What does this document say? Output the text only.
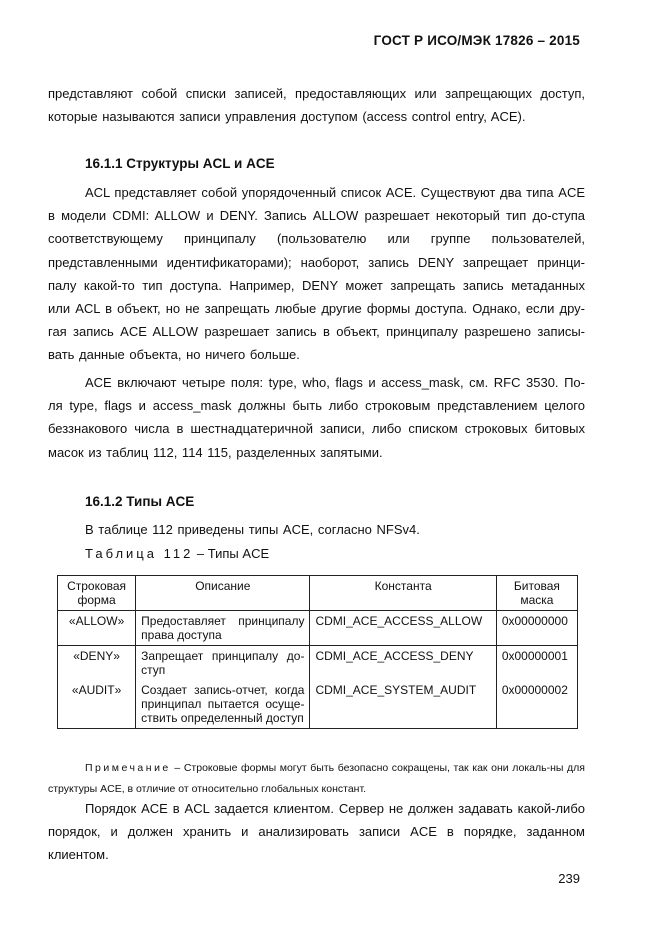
ГОСТ Р ИСО/МЭК 17826 – 2015

представляют собой списки записей, предоставляющих или запрещающих доступ, которые называются записи управления доступом (access control entry, ACE).

16.1.1 Структуры ACL и ACE

ACL представляет собой упорядоченный список ACE. Существуют два типа ACE в модели CDMI: ALLOW и DENY. Запись ALLOW разрешает некоторый тип до-ступа соответствующему принципалу (пользователю или группе пользователей, представленными идентификаторами); наоборот, запись DENY запрещает принци-палу какой-то тип доступа. Например, DENY может запрещать запись метаданных или ACL в объект, но не запрещать любые другие формы доступа. Однако, если дру-гая запись ACE ALLOW разрешает запись в объект, принципалу разрешено записы-вать данные объекта, но ничего больше.

ACE включают четыре поля: type, who, flags и access_mask, см. RFC 3530. По-ля type, flags и access_mask должны быть либо строковым представлением целого беззнакового числа в шестнадцатеричной записи, либо списком строковых битовых масок из таблиц 112, 114 115, разделенных запятыми.

16.1.2 Типы ACE

В таблице 112 приведены типы ACE, согласно NFSv4.

Таблица 112 – Типы ACE

Строковая форма	Описание	Константа	Битовая маска
«ALLOW»	Предоставляет принципалу права доступа	CDMI_ACE_ACCESS_ALLOW	0x00000000
«DENY»	Запрещает принципалу до-ступ	CDMI_ACE_ACCESS_DENY	0x00000001
«AUDIT»	Создает запись-отчет, когда принципал пытается осуще-ствить определенный доступ	CDMI_ACE_SYSTEM_AUDIT	0x00000002

Примечание – Строковые формы могут быть безопасно сокращены, так как они локаль-ны для структуры ACE, в отличие от относительно глобальных констант.

Порядок ACE в ACL задается клиентом. Сервер не должен задавать какой-либо порядок, и должен хранить и анализировать записи ACE в порядке, заданном клиентом.

239
